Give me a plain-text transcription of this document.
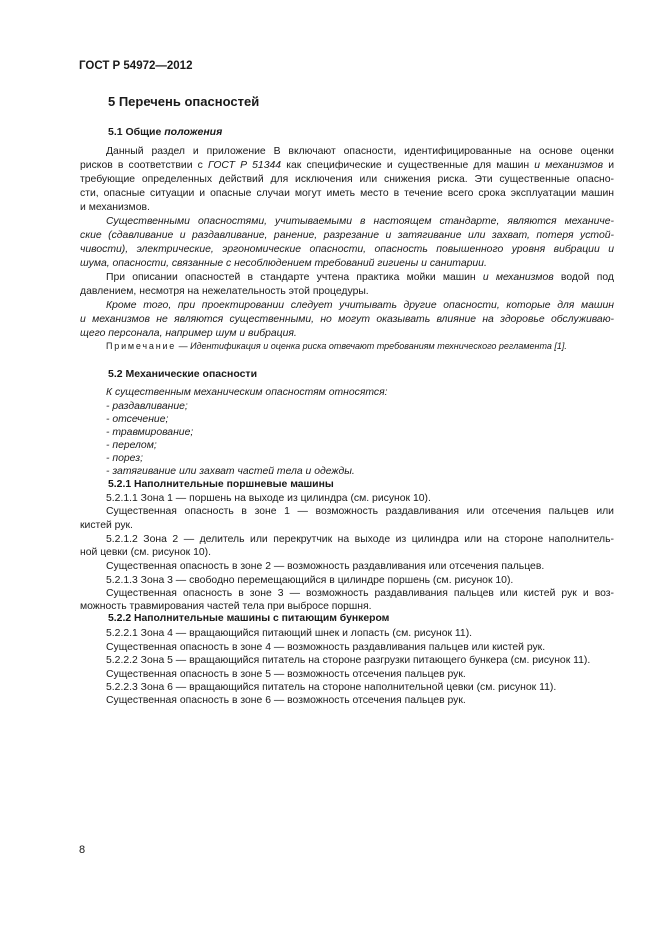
ГОСТ Р 54972—2012
5 Перечень опасностей
5.1 Общие положения
Данный раздел и приложение В включают опасности, идентифицированные на основе оценки
рисков в соответствии с ГОСТ Р 51344 как специфические и существенные для машин и механизмов и
требующие определенных действий для исключения или снижения риска. Эти существенные опасно-
сти, опасные ситуации и опасные случаи могут иметь место в течение всего срока эксплуатации машин
и механизмов.
Существенными опасностями, учитываемыми в настоящем стандарте, являются механиче-
ские (сдавливание и раздавливание, ранение, разрезание и затягивание или захват, потеря устой-
чивости), электрические, эргономические опасности, опасность повышенного уровня вибрации и
шума, опасности, связанные с несоблюдением требований гигиены и санитарии.
При описании опасностей в стандарте учтена практика мойки машин и механизмов водой под
давлением, несмотря на нежелательность этой процедуры.
Кроме того, при проектировании следует учитывать другие опасности, которые для машин
и механизмов не являются существенными, но могут оказывать влияние на здоровье обслуживаю-
щего персонала, например шум и вибрация.
Примечание — Идентификация и оценка риска отвечают требованиям технического регламента [1].
5.2 Механические опасности
К существенным механическим опасностям относятся:
- раздавливание;
- отсечение;
- травмирование;
- перелом;
- порез;
- затягивание или захват частей тела и одежды.
5.2.1 Наполнительные поршневые машины
5.2.1.1 Зона 1 — поршень на выходе из цилиндра (см. рисунок 10).
Существенная опасность в зоне 1 — возможность раздавливания или отсечения пальцев или
кистей рук.
5.2.1.2 Зона 2 — делитель или перекрутчик на выходе из цилиндра или на стороне наполнитель-
ной цевки (см. рисунок 10).
Существенная опасность в зоне 2 — возможность раздавливания или отсечения пальцев.
5.2.1.3 Зона 3 — свободно перемещающийся в цилиндре поршень (см. рисунок 10).
Существенная опасность в зоне 3 — возможность раздавливания пальцев или кистей рук и воз-
можность травмирования частей тела при выбросе поршня.
5.2.2 Наполнительные машины с питающим бункером
5.2.2.1 Зона 4 — вращающийся питающий шнек и лопасть (см. рисунок 11).
Существенная опасность в зоне 4 — возможность раздавливания пальцев или кистей рук.
5.2.2.2 Зона 5 — вращающийся питатель на стороне разгрузки питающего бункера (см. рисунок 11).
Существенная опасность в зоне 5 — возможность отсечения пальцев рук.
5.2.2.3 Зона 6 — вращающийся питатель на стороне наполнительной цевки (см. рисунок 11).
Существенная опасность в зоне 6 — возможность отсечения пальцев рук.
8
